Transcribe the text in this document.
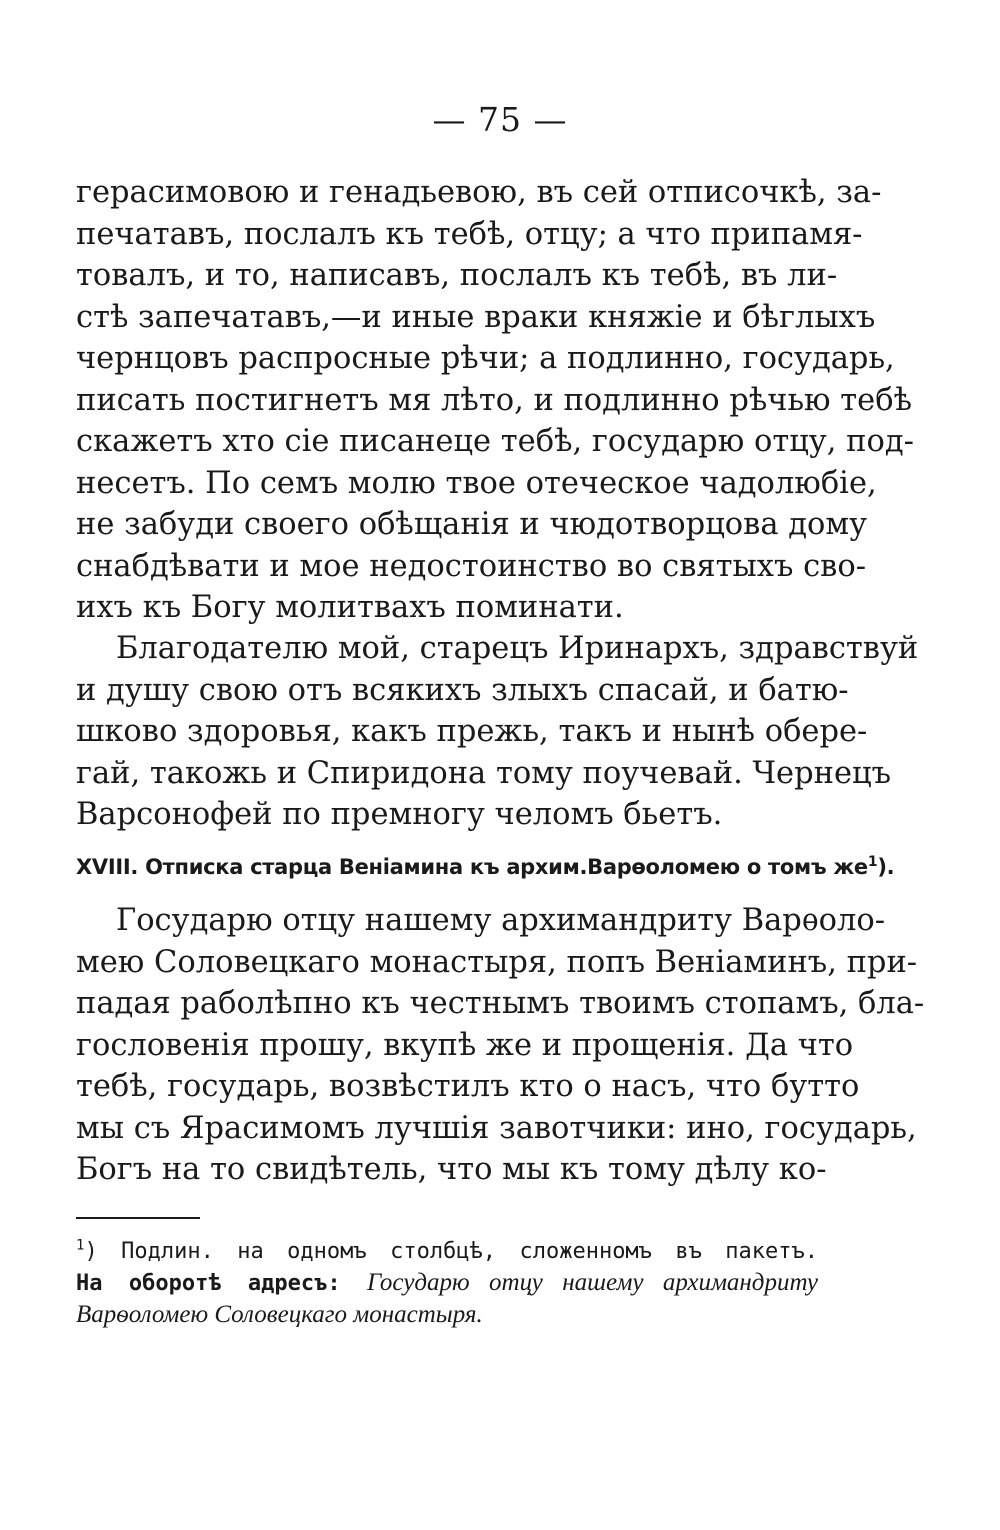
— 75 —
герасимовою и генадьевою, въ сей отписочкѣ, за-
печатавъ, послалъ къ тебѣ, отцу; а что припамя-
товалъ, и то, написавъ, послалъ къ тебѣ, въ ли-
стѣ запечатавъ,—и иные враки княжіе и бѣглыхъ
чернцовъ распросные рѣчи; а подлинно, государь,
писать постигнетъ мя лѣто, и подлинно рѣчью тебѣ
скажетъ хто сіе писанеце тебѣ, государю отцу, под-
несетъ. По семъ молю твое отеческое чадолюбіе,
не забуди своего обѣщанія и чюдотворцова дому
снабдѣвати и мое недостоинство во святыхъ сво-
ихъ къ Богу молитвахъ поминати.
Благодателю мой, старецъ Иринархъ, здравствуй
и душу свою отъ всякихъ злыхъ спасай, и батю-
шково здоровья, какъ прежь, такъ и нынѣ обере-
гай, такожь и Спиридона тому поучевай. Чернецъ
Варсонофей по премногу челомъ бьетъ.
XVIII. Отписка старца Веніамина къ архим.Варѳоломею о томъ $же^1$).
Государю отцу нашему архимандриту Варѳоло-
мею Соловецкаго монастыря, попъ Веніаминъ, при-
падая раболѣпно къ честнымъ твоимъ стопамъ, бла-
гословенія прошу, вкупѣ же и прощенія. Да что
тебѣ, государь, возвѣстилъ кто о насъ, что бутто
мы съ Ярасимомъ лучшія завотчики: ино, государь,
Богъ на то свидѣтель, что мы къ тому дѣлу ко-
$^1$) Подлин. на одномъ столбцѣ, сложенномъ въ пакетъ.
На оборотѣ адресъ: Государю отцу нашему архимандриту
Варѳоломею Соловецкаго монастыря.
